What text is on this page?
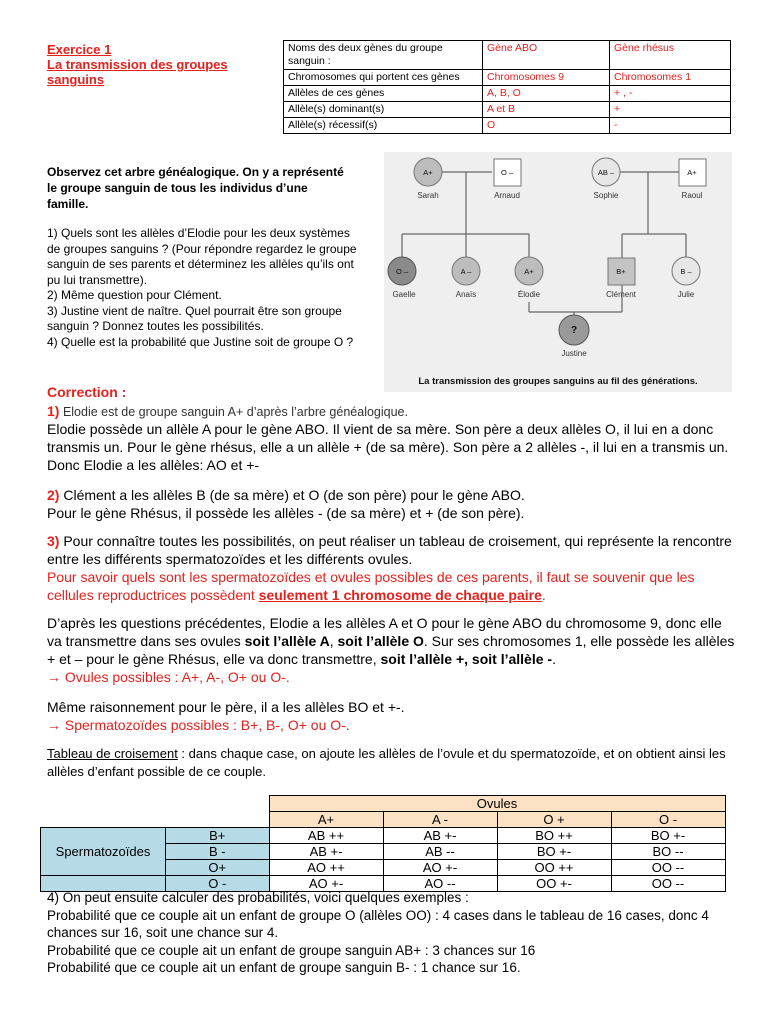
Exercice 1
La transmission des groupes sanguins
Noms des deux gènes du groupe sanguin :	Gène ABO	Gène rhésus
Chromosomes qui portent ces gènes	Chromosomes 9	Chromosomes 1
Allèles de ces gènes	A, B, O	+ , -
Allèle(s) dominant(s)	A et B	+
Allèle(s) récessif(s)	O	-
Observez cet arbre généalogique. On y a représenté le groupe sanguin de tous les individus d’une famille.
1) Quels sont les allèles d’Elodie pour les deux systèmes de groupes sanguins ? (Pour répondre regardez le groupe sanguin de ses parents et déterminez les allèles qu’ils ont pu lui transmettre).
2) Même question pour Clément.
3) Justine vient de naître. Quel pourrait être son groupe sanguin ? Donnez toutes les possibilités.
4) Quelle est la probabilité que Justine soit de groupe O ?
A+
Sarah
O –
Arnaud
AB –
Sophie
A+
Raoul
O –
Gaelle
A –
Anaïs
A+
Élodie
B+
Clément
B –
Julie
?
Justine
La transmission des groupes sanguins au fil des générations.
Correction :
1) Elodie est de groupe sanguin A+ d’après l’arbre généalogique.
Elodie possède un allèle A pour le gène ABO. Il vient de sa mère. Son père a deux allèles O, il lui en a donc transmis un. Pour le gène rhésus, elle a un allèle + (de sa mère). Son père a 2 allèles -, il lui en a transmis un. Donc Elodie a les allèles: AO et +-
2) Clément a les allèles B (de sa mère) et O (de son père) pour le gène ABO.
Pour le gène Rhésus, il possède les allèles - (de sa mère) et + (de son père).
3) Pour connaître toutes les possibilités, on peut réaliser un tableau de croisement, qui représente la rencontre entre les différents spermatozoïdes et les différents ovules.
Pour savoir quels sont les spermatozoïdes et ovules possibles de ces parents, il faut se souvenir que les cellules reproductrices possèdent seulement 1 chromosome de chaque paire.
D’après les questions précédentes, Elodie a les allèles A et O pour le gène ABO du chromosome 9, donc elle va transmettre dans ses ovules soit l’allèle A, soit l’allèle O. Sur ses chromosomes 1, elle possède les allèles + et – pour le gène Rhésus, elle va donc transmettre, soit l’allèle +, soit l’allèle -.
→ Ovules possibles : A+, A-, O+ ou O-.
Même raisonnement pour le père, il a les allèles BO et +-.
→ Spermatozoïdes possibles : B+, B-, O+ ou O-.
Tableau de croisement : dans chaque case, on ajoute les allèles de l’ovule et du spermatozoïde, et on obtient ainsi les allèles d’enfant possible de ce couple.
		Ovules			
		A+	A -	O +	O -
Spermatozoïdes	B+	AB ++	AB +-	BO ++	BO +-
	B -	AB +-	AB --	BO +-	BO --
	O+	AO ++	AO +-	OO ++	OO --
	O -	AO +-	AO --	OO +-	OO --
4) On peut ensuite calculer des probabilités, voici quelques exemples :
Probabilité que ce couple ait un enfant de groupe O (allèles OO) : 4 cases dans le tableau de 16 cases, donc 4 chances sur 16, soit une chance sur 4.
Probabilité que ce couple ait un enfant de groupe sanguin AB+ : 3 chances sur 16
Probabilité que ce couple ait un enfant de groupe sanguin B- : 1 chance sur 16.
